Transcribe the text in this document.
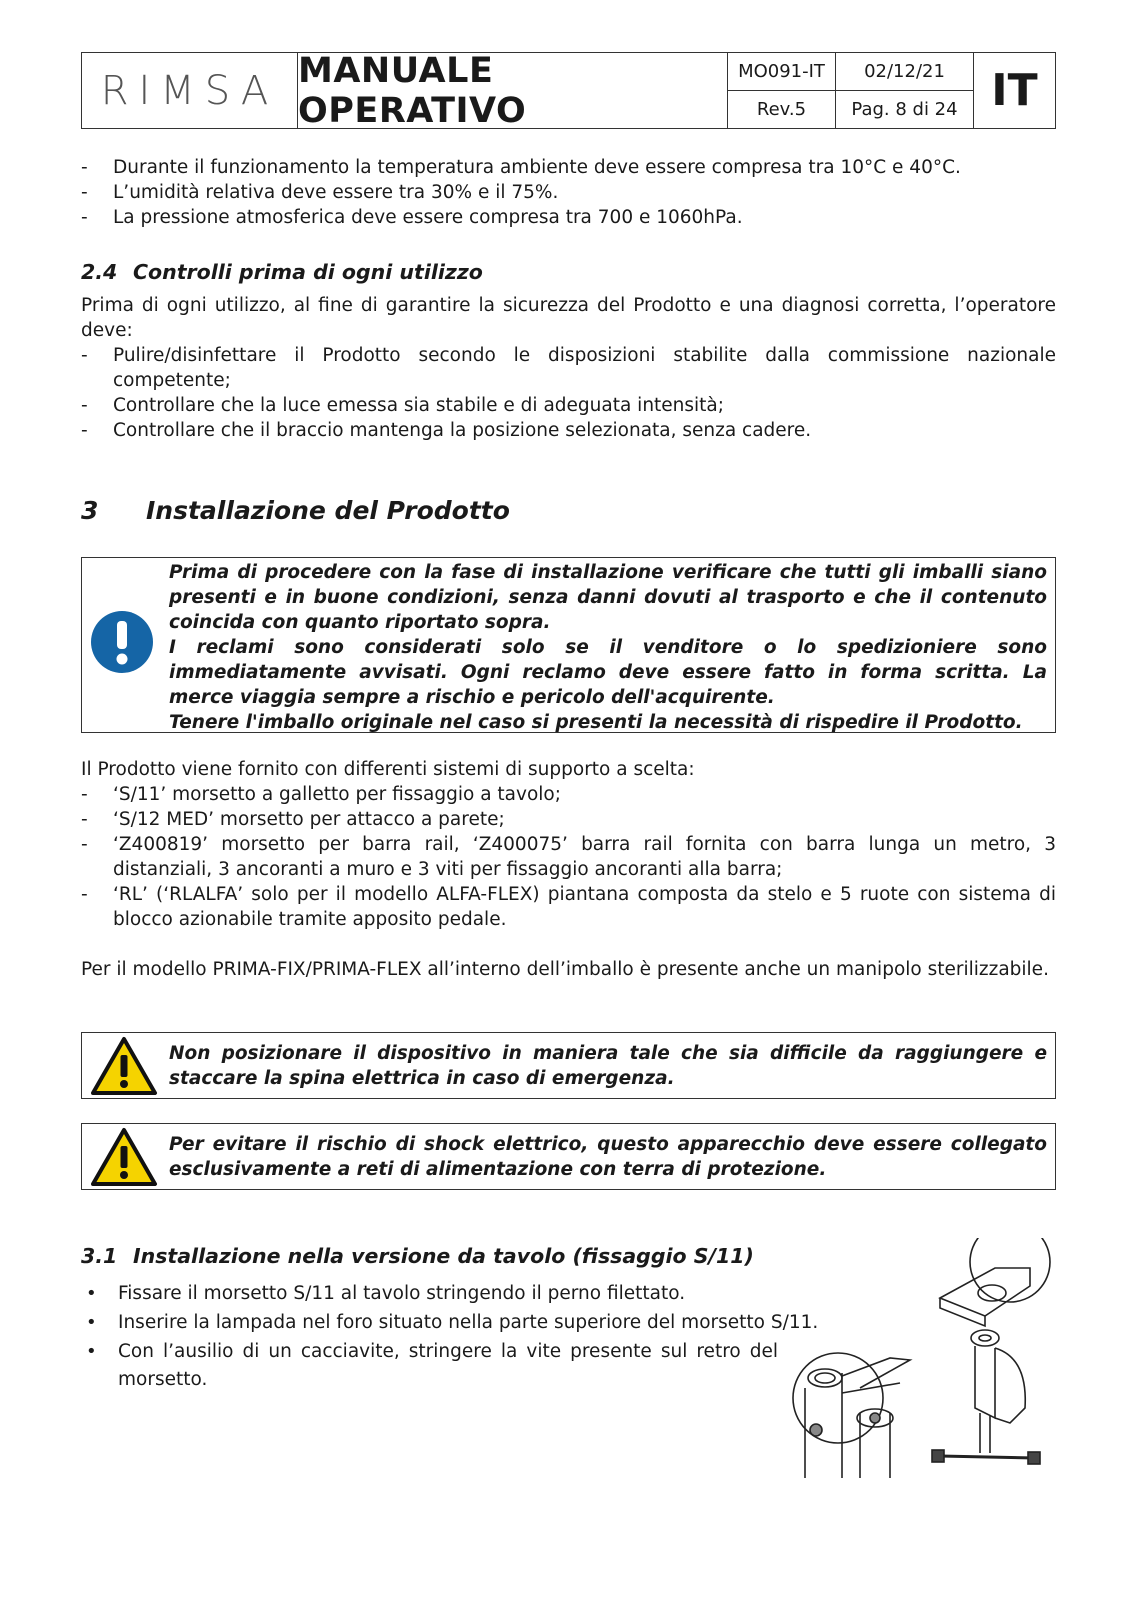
RIMSA MANUALE OPERATIVO
MO091-IT	02/12/21
Rev.5	Pag. 8 di 24 IT
- Durante il funzionamento la temperatura ambiente deve essere compresa tra 10°C e 40°C.
- L’umidità relativa deve essere tra 30% e il 75%.
- La pressione atmosferica deve essere compresa tra 700 e 1060hPa.
2.4 Controlli prima di ogni utilizzo
Prima di ogni utilizzo, al fine di garantire la sicurezza del Prodotto e una diagnosi corretta, l’operatore deve:
- Pulire/disinfettare il Prodotto secondo le disposizioni stabilite dalla commissione nazionale competente;
- Controllare che la luce emessa sia stabile e di adeguata intensità;
- Controllare che il braccio mantenga la posizione selezionata, senza cadere.
3 Installazione del Prodotto

Prima di procedere con la fase di installazione verificare che tutti gli imballi siano presenti e in buone condizioni, senza danni dovuti al trasporto e che il contenuto coincida con quanto riportato sopra.

I reclami sono considerati solo se il venditore o lo spedizioniere sono immediatamente avvisati. Ogni reclamo deve essere fatto in forma scritta. La merce viaggia sempre a rischio e pericolo dell'acquirente.

Tenere l'imballo originale nel caso si presenti la necessità di rispedire il Prodotto.

Il Prodotto viene fornito con differenti sistemi di supporto a scelta:
- ‘S/11’ morsetto a galletto per fissaggio a tavolo;
- ‘S/12 MED’ morsetto per attacco a parete;
- ‘Z400819’ morsetto per barra rail, ‘Z400075’ barra rail fornita con barra lunga un metro, 3 distanziali, 3 ancoranti a muro e 3 viti per fissaggio ancoranti alla barra;
- ‘RL’ (‘RLALFA’ solo per il modello ALFA-FLEX) piantana composta da stelo e 5 ruote con sistema di blocco azionabile tramite apposito pedale.
Per il modello PRIMA-FIX/PRIMA-FLEX all’interno dell’imballo è presente anche un manipolo sterilizzabile.
Non posizionare il dispositivo in maniera tale che sia difficile da raggiungere e staccare la spina elettrica in caso di emergenza.
Per evitare il rischio di shock elettrico, questo apparecchio deve essere collegato esclusivamente a reti di alimentazione con terra di protezione.
3.1 Installazione nella versione da tavolo (fissaggio S/11)
• Fissare il morsetto S/11 al tavolo stringendo il perno filettato.
• Inserire la lampada nel foro situato nella parte superiore del morsetto S/11.
• Con l’ausilio di un cacciavite, stringere la vite presente sul retro del morsetto.
